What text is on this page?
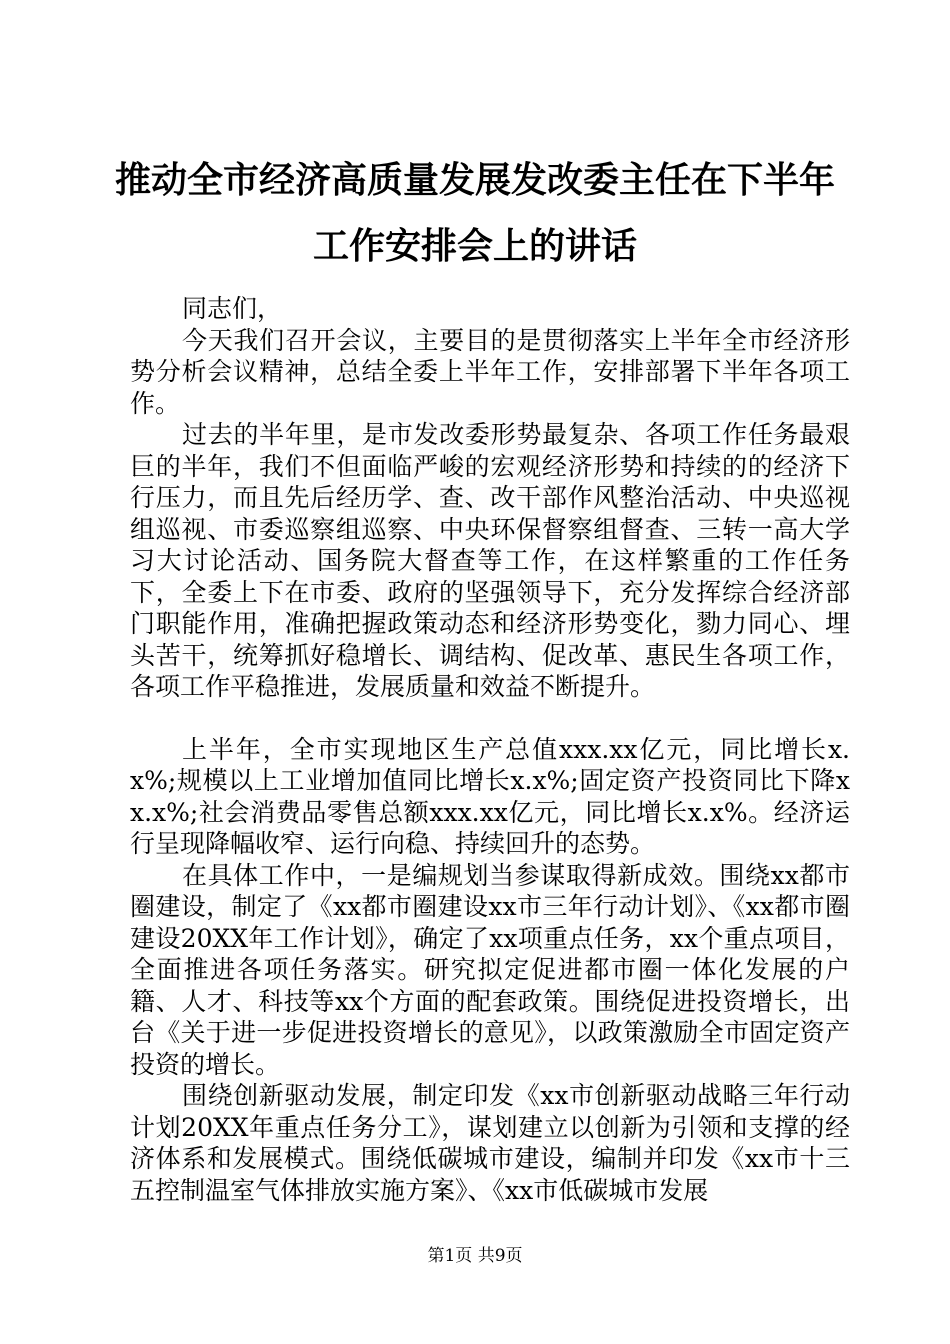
推动全市经济高质量发展发改委主任在下半年
工作安排会上的讲话

同志们，

今天我们召开会议，主要目的是贯彻落实上半年全市经济形势分析会议精神，总结全委上半年工作，安排部署下半年各项工作。

过去的半年里，是市发改委形势最复杂、各项工作任务最艰巨的半年，我们不但面临严峻的宏观经济形势和持续的的经济下行压力，而且先后经历学、查、改干部作风整治活动、中央巡视组巡视、市委巡察组巡察、中央环保督察组督查、三转一高大学习大讨论活动、国务院大督查等工作，在这样繁重的工作任务下，全委上下在市委、政府的坚强领导下，充分发挥综合经济部门职能作用，准确把握政策动态和经济形势变化，勠力同心、埋头苦干，统筹抓好稳增长、调结构、促改革、惠民生各项工作，各项工作平稳推进，发展质量和效益不断提升。

上半年，全市实现地区生产总值xxx.xx亿元，同比增长x.x%;规模以上工业增加值同比增长x.x%;固定资产投资同比下降xx.x%;社会消费品零售总额xxx.xx亿元，同比增长x.x%。经济运行呈现降幅收窄、运行向稳、持续回升的态势。

在具体工作中，一是编规划当参谋取得新成效。围绕xx都市圈建设，制定了《xx都市圈建设xx市三年行动计划》、《xx都市圈建设20XX年工作计划》，确定了xx项重点任务，xx个重点项目，全面推进各项任务落实。研究拟定促进都市圈一体化发展的户籍、人才、科技等xx个方面的配套政策。围绕促进投资增长，出台《关于进一步促进投资增长的意见》，以政策激励全市固定资产投资的增长。

围绕创新驱动发展，制定印发《xx市创新驱动战略三年行动计划20XX年重点任务分工》，谋划建立以创新为引领和支撑的经济体系和发展模式。围绕低碳城市建设，编制并印发《xx市十三五控制温室气体排放实施方案》、《xx市低碳城市发展

第1页 共9页
